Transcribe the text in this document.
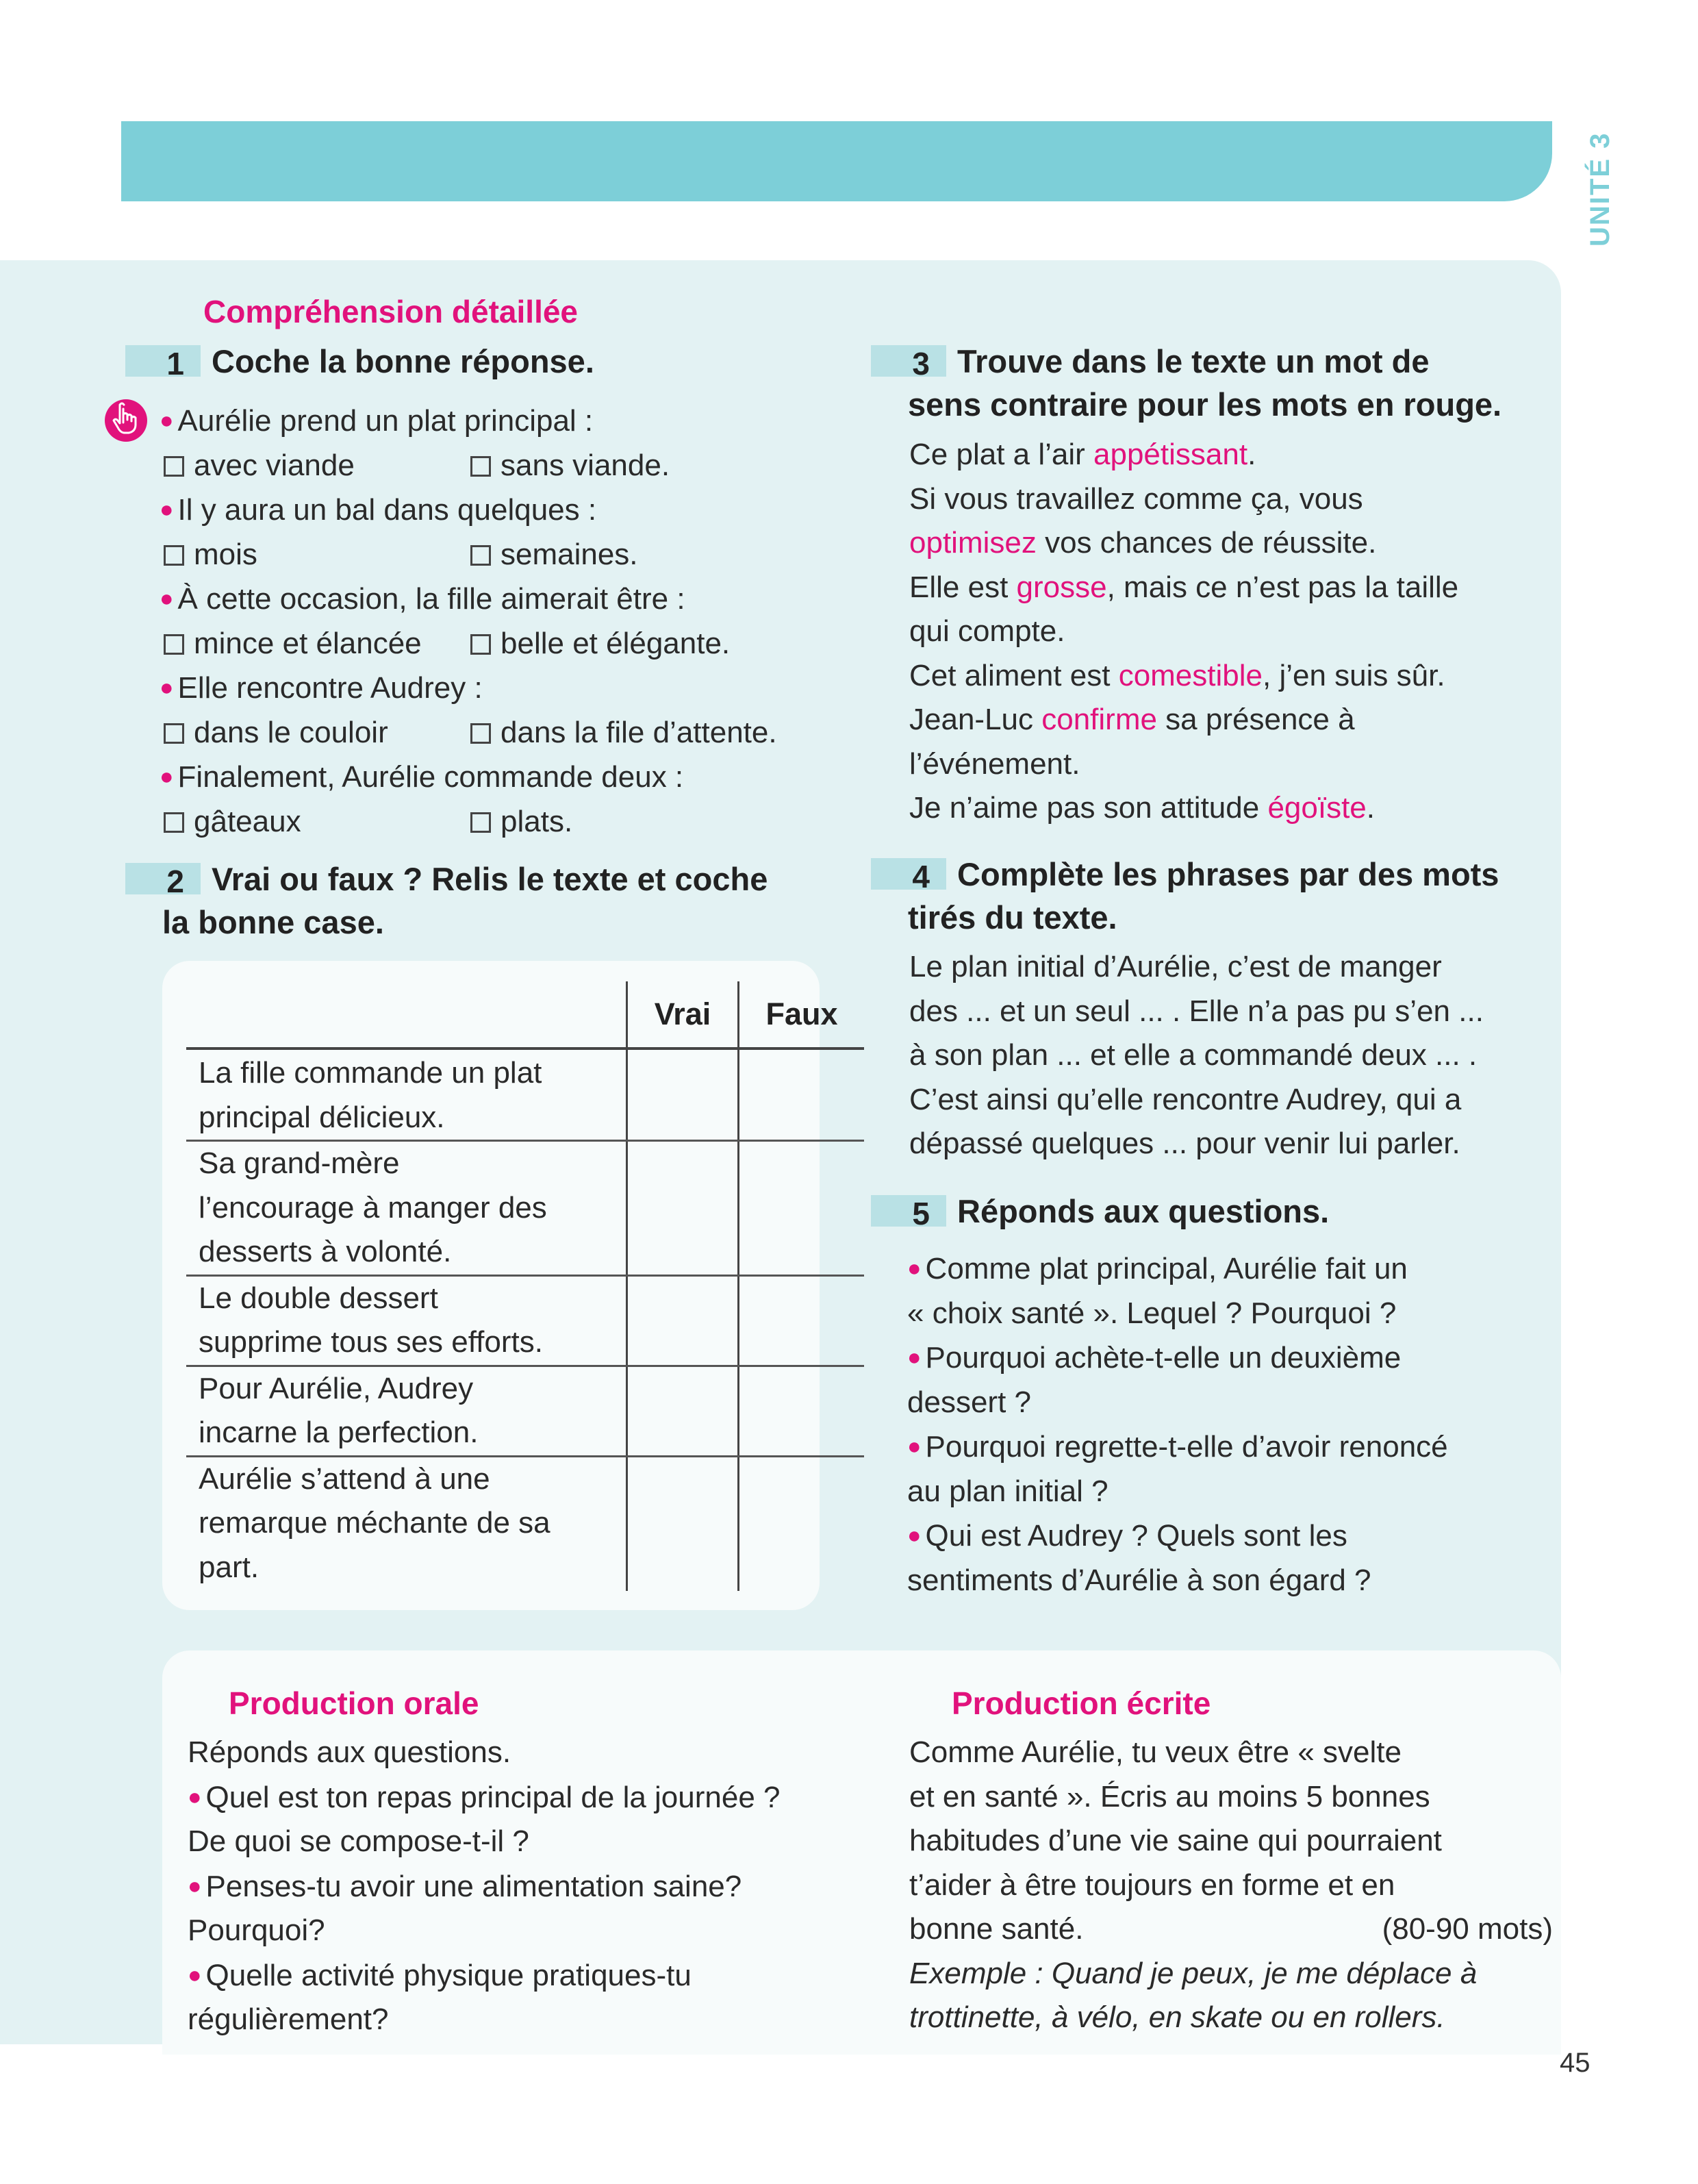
UNITÉ 3
Compréhension détaillée
1 Coche la bonne réponse.
● Aurélie prend un plat principal :
avec viande	sans viande.
● Il y aura un bal dans quelques :
mois	semaines.
● À cette occasion, la fille aimerait être :
mince et élancée	belle et élégante.
● Elle rencontre Audrey :
dans le couloir	dans la file d’attente.
● Finalement, Aurélie commande deux :
gâteaux	plats.
2 Vrai ou faux ? Relis le texte et coche
la bonne case.
	Vrai	Faux

La fille commande un plat
principal délicieux.		

Sa grand-mère
l’encourage à manger des
desserts à volonté.		

Le double dessert
supprime tous ses efforts.		

Pour Aurélie, Audrey
incarne la perfection.		

Aurélie s’attend à une
remarque méchante de sa
part.		

3 Trouve dans le texte un mot de
sens contraire pour les mots en rouge.
Ce plat a l’air appétissant.
Si vous travaillez comme ça, vous
optimisez vos chances de réussite.
Elle est grosse, mais ce n’est pas la taille
qui compte.
Cet aliment est comestible, j’en suis sûr.
Jean-Luc confirme sa présence à
l’événement.
Je n’aime pas son attitude égoïste.
4 Complète les phrases par des mots
tirés du texte.
Le plan initial d’Aurélie, c’est de manger
des ... et un seul ... . Elle n’a pas pu s’en ...
à son plan ... et elle a commandé deux ... .
C’est ainsi qu’elle rencontre Audrey, qui a
dépassé quelques ... pour venir lui parler.
5 Réponds aux questions.
● Comme plat principal, Aurélie fait un
« choix santé ». Lequel ? Pourquoi ?
● Pourquoi achète-t-elle un deuxième
dessert ?
● Pourquoi regrette-t-elle d’avoir renoncé
au plan initial ?
● Qui est Audrey ? Quels sont les
sentiments d’Aurélie à son égard ?
Production orale
Réponds aux questions.
● Quel est ton repas principal de la journée ?
De quoi se compose-t-il ?
● Penses-tu avoir une alimentation saine?
Pourquoi?
● Quelle activité physique pratiques-tu
régulièrement?
Production écrite
Comme Aurélie, tu veux être « svelte
et en santé ». Écris au moins 5 bonnes
habitudes d’une vie saine qui pourraient
t’aider à être toujours en forme et en
bonne santé.	(80-90 mots)
Exemple : Quand je peux, je me déplace à
trottinette, à vélo, en skate ou en rollers.
45
